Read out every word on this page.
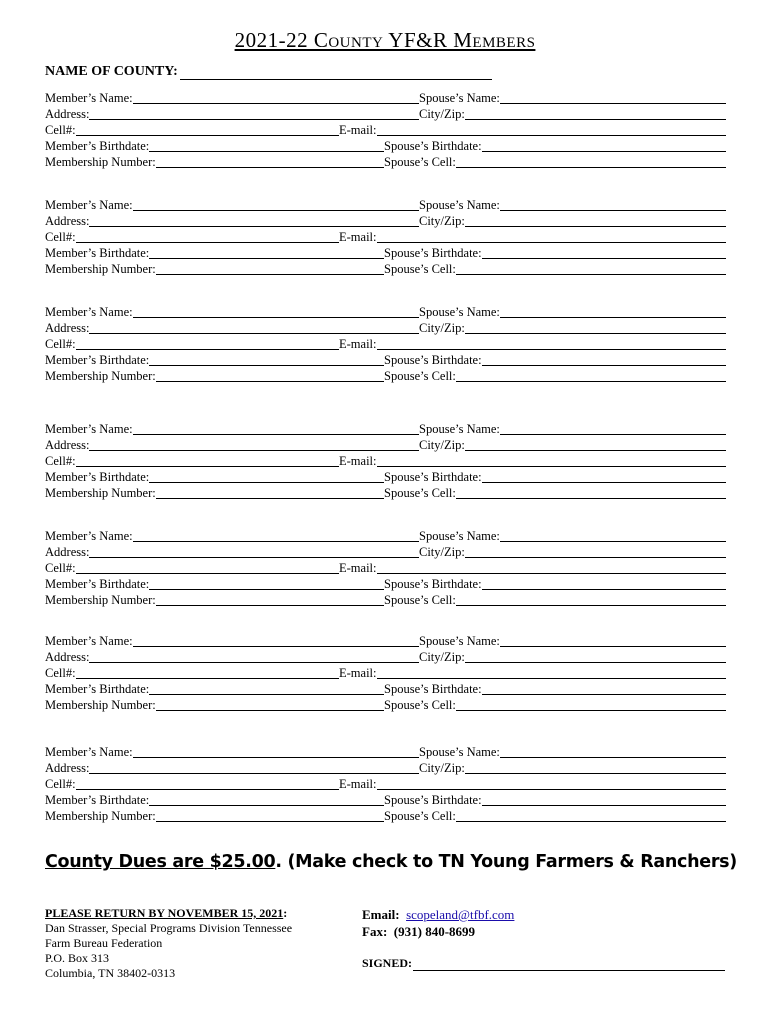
2021-22 County YF&R Members
NAME OF COUNTY:
Member’s Name:	Spouse’s Name:
Address:	City/Zip:
Cell#:	E-mail:
Member’s Birthdate:	Spouse’s Birthdate:
Membership Number:	Spouse’s Cell:
Member’s Name:	Spouse’s Name:
Address:	City/Zip:
Cell#:	E-mail:
Member’s Birthdate:	Spouse’s Birthdate:
Membership Number:	Spouse’s Cell:
Member’s Name:	Spouse’s Name:
Address:	City/Zip:
Cell#:	E-mail:
Member’s Birthdate:	Spouse’s Birthdate:
Membership Number:	Spouse’s Cell:
Member’s Name:	Spouse’s Name:
Address:	City/Zip:
Cell#:	E-mail:
Member’s Birthdate:	Spouse’s Birthdate:
Membership Number:	Spouse’s Cell:
Member’s Name:	Spouse’s Name:
Address:	City/Zip:
Cell#:	E-mail:
Member’s Birthdate:	Spouse’s Birthdate:
Membership Number:	Spouse’s Cell:
Member’s Name:	Spouse’s Name:
Address:	City/Zip:
Cell#:	E-mail:
Member’s Birthdate:	Spouse’s Birthdate:
Membership Number:	Spouse’s Cell:
Member’s Name:	Spouse’s Name:
Address:	City/Zip:
Cell#:	E-mail:
Member’s Birthdate:	Spouse’s Birthdate:
Membership Number:	Spouse’s Cell:
County Dues are $25.00. (Make check to TN Young Farmers & Ranchers)
PLEASE RETURN BY NOVEMBER 15, 2021:
Dan Strasser, Special Programs Division Tennessee
Farm Bureau Federation
P.O. Box 313
Columbia, TN 38402-0313
Email: scopeland@tfbf.com
Fax: (931) 840-8699
SIGNED:
